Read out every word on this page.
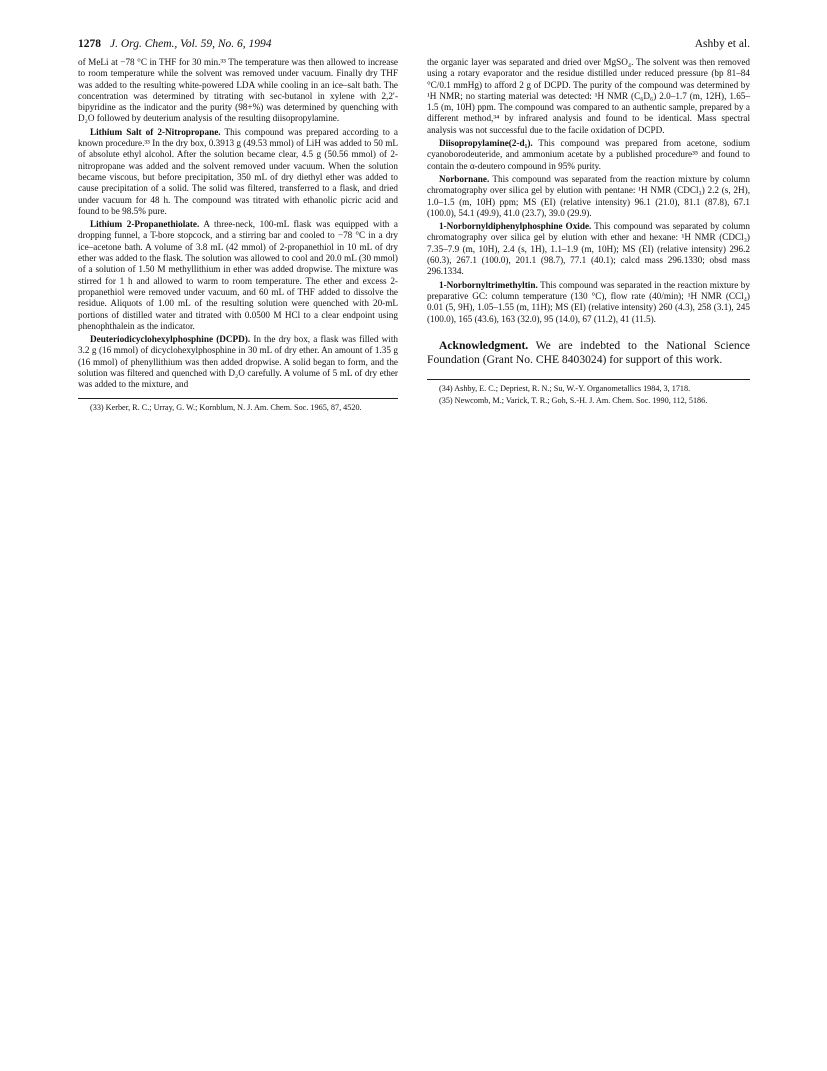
1278 J. Org. Chem., Vol. 59, No. 6, 1994	Ashby et al.

of MeLi at −78 °C in THF for 30 min.³³ The temperature was then allowed to increase to room temperature while the solvent was removed under vacuum. Finally dry THF was added to the resulting white-powered LDA while cooling in an ice–salt bath. The concentration was determined by titrating with sec-butanol in xylene with 2,2′-bipyridine as the indicator and the purity (98+%) was determined by quenching with D₂O followed by deuterium analysis of the resulting diisopropylamine.

Lithium Salt of 2-Nitropropane. This compound was prepared according to a known procedure.³³ In the dry box, 0.3913 g (49.53 mmol) of LiH was added to 50 mL of absolute ethyl alcohol. After the solution became clear, 4.5 g (50.56 mmol) of 2-nitropropane was added and the solvent removed under vacuum. When the solution became viscous, but before precipitation, 350 mL of dry diethyl ether was added to cause precipitation of a solid. The solid was filtered, transferred to a flask, and dried under vacuum for 48 h. The compound was titrated with ethanolic picric acid and found to be 98.5% pure.

Lithium 2-Propanethiolate. A three-neck, 100-mL flask was equipped with a dropping funnel, a T-bore stopcock, and a stirring bar and cooled to −78 °C in a dry ice–acetone bath. A volume of 3.8 mL (42 mmol) of 2-propanethiol in 10 mL of dry ether was added to the flask. The solution was allowed to cool and 20.0 mL (30 mmol) of a solution of 1.50 M methyllithium in ether was added dropwise. The mixture was stirred for 1 h and allowed to warm to room temperature. The ether and excess 2-propanethiol were removed under vacuum, and 60 mL of THF added to dissolve the residue. Aliquots of 1.00 mL of the resulting solution were quenched with 20-mL portions of distilled water and titrated with 0.0500 M HCl to a clear endpoint using phenophthalein as the indicator.

Deuteriodicyclohexylphosphine (DCPD). In the dry box, a flask was filled with 3.2 g (16 mmol) of dicyclohexylphosphine in 30 mL of dry ether. An amount of 1.35 g (16 mmol) of phenyllithium was then added dropwise. A solid began to form, and the solution was filtered and quenched with D₂O carefully. A volume of 5 mL of dry ether was added to the mixture, and

(33) Kerber, R. C.; Urray, G. W.; Kornblum, N. J. Am. Chem. Soc. 1965, 87, 4520.

the organic layer was separated and dried over MgSO₄. The solvent was then removed using a rotary evaporator and the residue distilled under reduced pressure (bp 81–84 °C/0.1 mmHg) to afford 2 g of DCPD. The purity of the compound was determined by ¹H NMR; no starting material was detected: ¹H NMR (C₆D₆) 2.0–1.7 (m, 12H), 1.65–1.5 (m, 10H) ppm. The compound was compared to an authentic sample, prepared by a different method,³⁴ by infrared analysis and found to be identical. Mass spectral analysis was not successful due to the facile oxidation of DCPD.

Diisopropylamine(2-d₁). This compound was prepared from acetone, sodium cyanoborodeuteride, and ammonium acetate by a published procedure³⁵ and found to contain the α-deutero compound in 95% purity.

Norbornane. This compound was separated from the reaction mixture by column chromatography over silica gel by elution with pentane: ¹H NMR (CDCl₃) 2.2 (s, 2H), 1.0–1.5 (m, 10H) ppm; MS (EI) (relative intensity) 96.1 (21.0), 81.1 (87.8), 67.1 (100.0), 54.1 (49.9), 41.0 (23.7), 39.0 (29.9).

1-Norbornyldiphenylphosphine Oxide. This compound was separated by column chromatography over silica gel by elution with ether and hexane: ¹H NMR (CDCl₃) 7.35–7.9 (m, 10H), 2.4 (s, 1H), 1.1–1.9 (m, 10H); MS (EI) (relative intensity) 296.2 (60.3), 267.1 (100.0), 201.1 (98.7), 77.1 (40.1); calcd mass 296.1330; obsd mass 296.1334.

1-Norbornyltrimethyltin. This compound was separated in the reaction mixture by preparative GC: column temperature (130 °C), flow rate (40/min); ¹H NMR (CCl₄) 0.01 (5, 9H), 1.05–1.55 (m, 11H); MS (EI) (relative intensity) 260 (4.3), 258 (3.1), 245 (100.0), 165 (43.6), 163 (32.0), 95 (14.0), 67 (11.2), 41 (11.5).

Acknowledgment. We are indebted to the National Science Foundation (Grant No. CHE 8403024) for support of this work.

(34) Ashby, E. C.; Depriest, R. N.; Su, W.-Y. Organometallics 1984, 3, 1718.

(35) Newcomb, M.; Varick, T. R.; Goh, S.-H. J. Am. Chem. Soc. 1990, 112, 5186.
